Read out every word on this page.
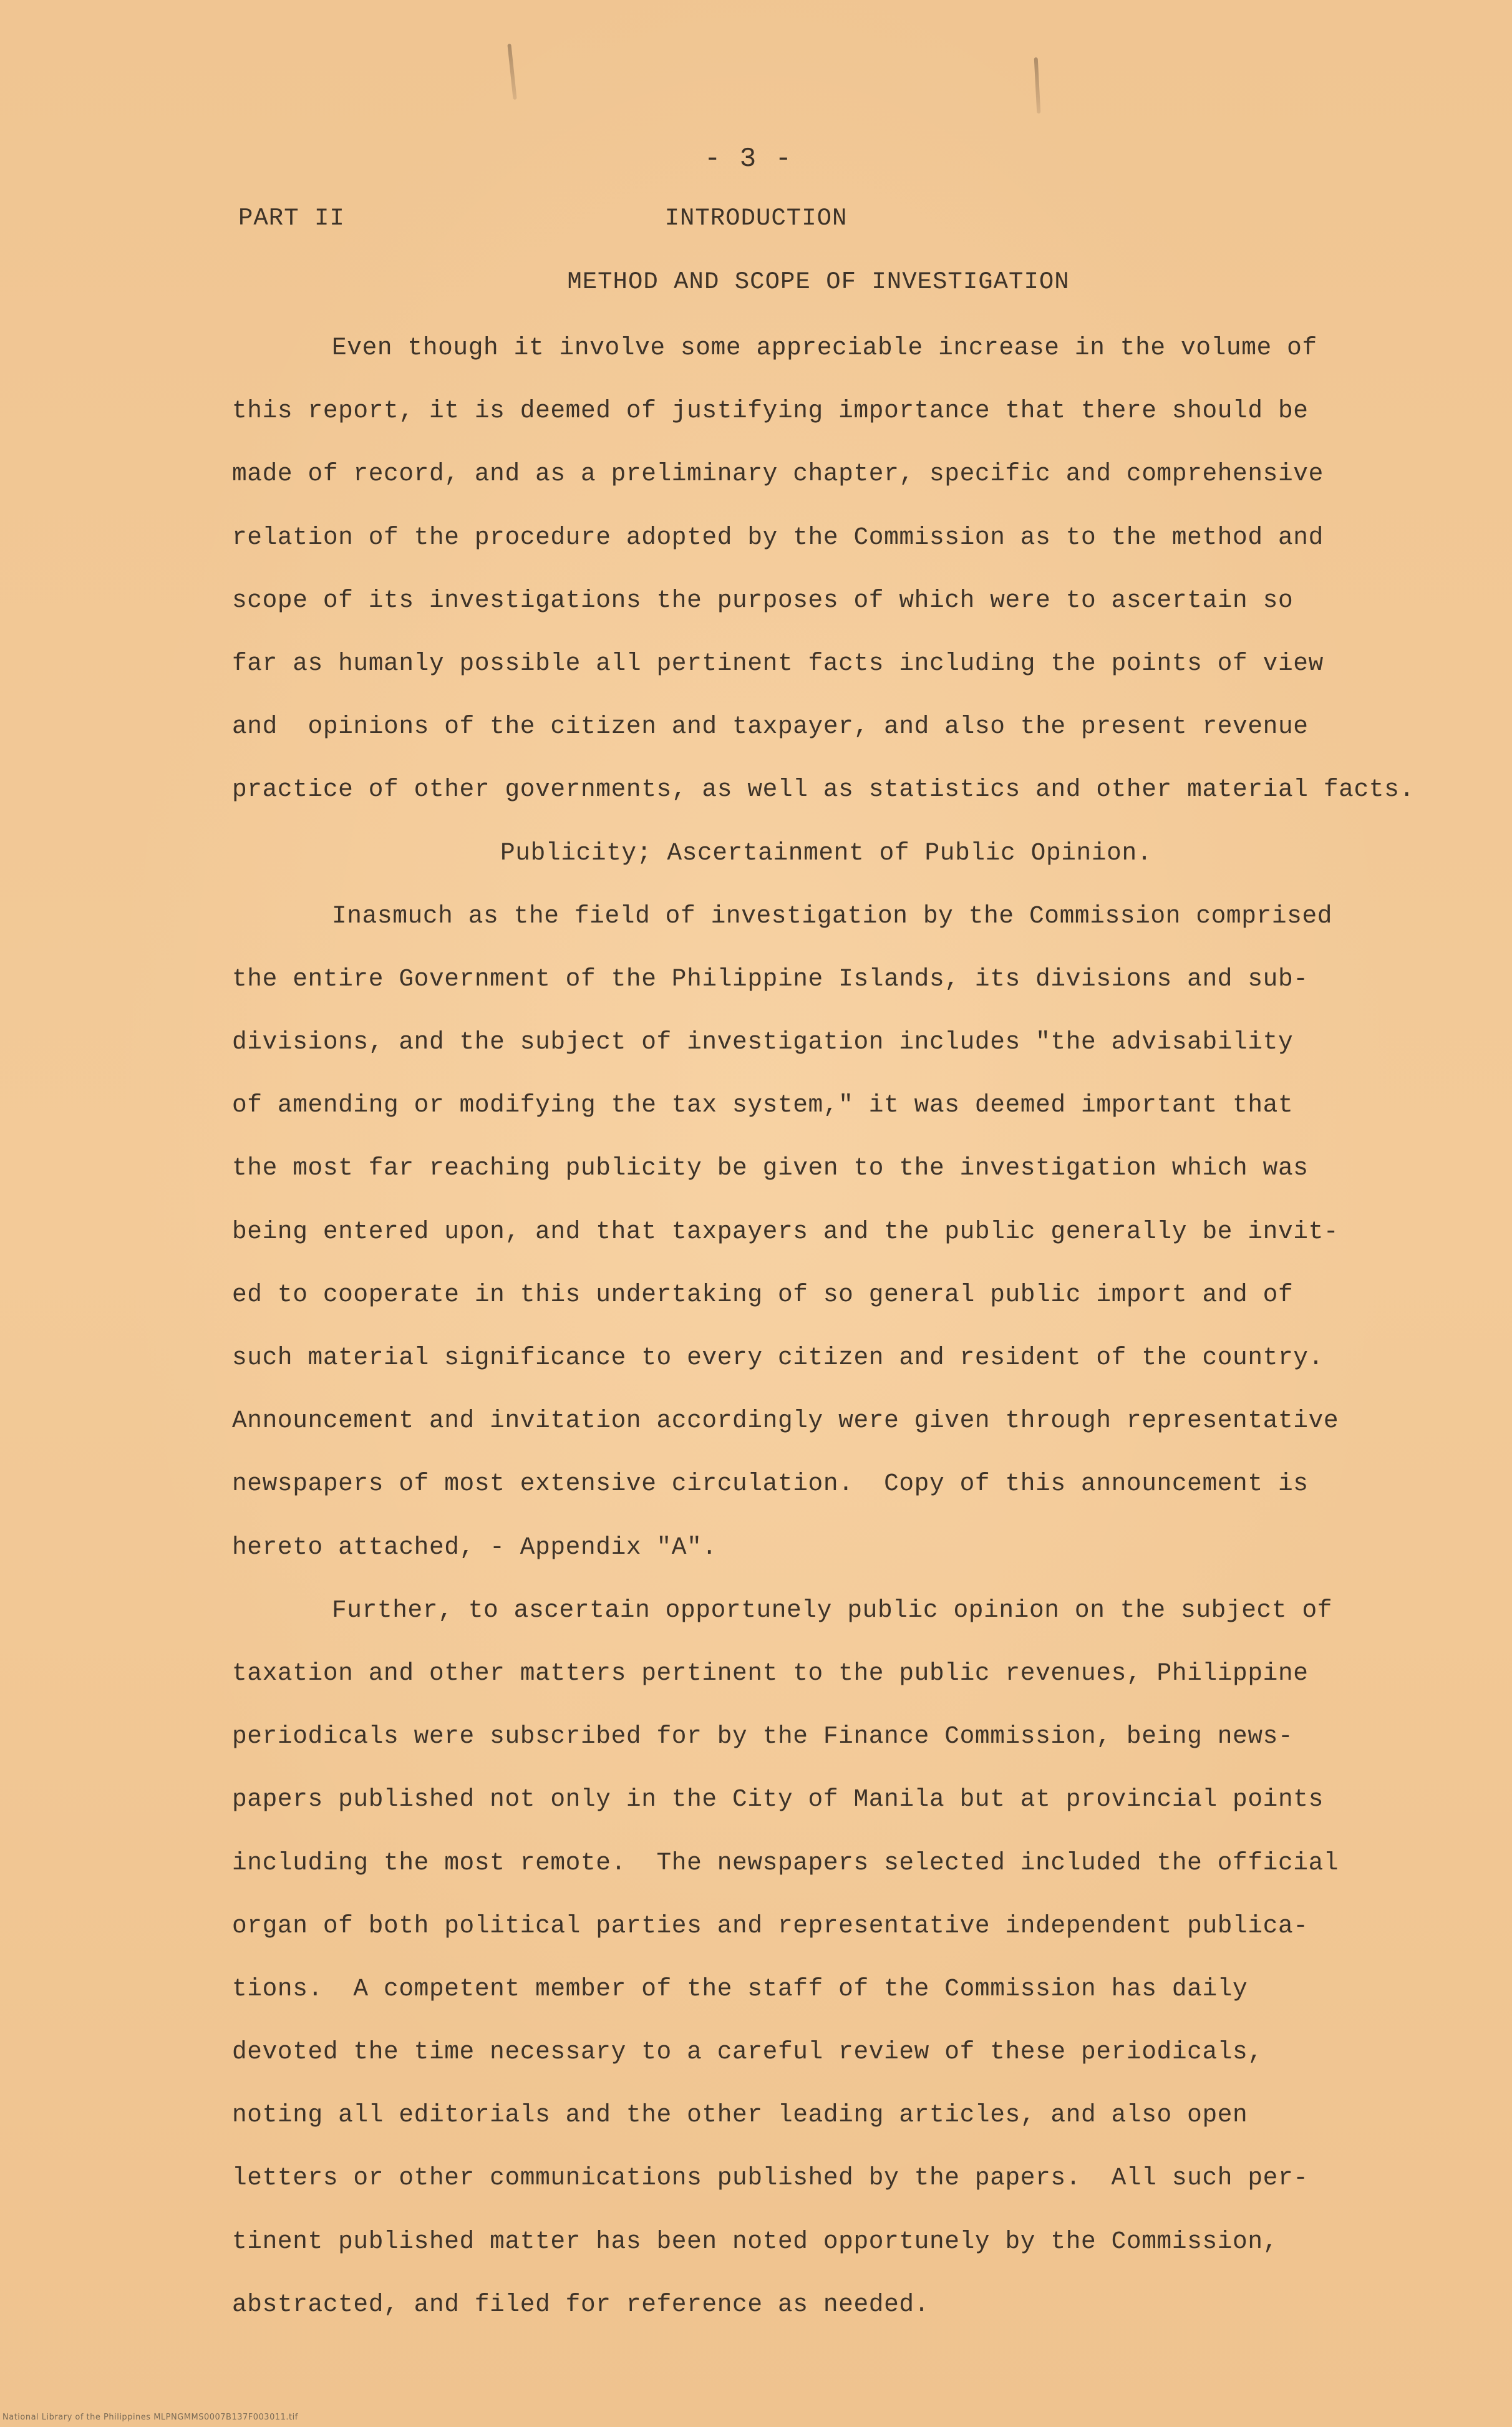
- 3 -
PART II	INTRODUCTION
METHOD AND SCOPE OF INVESTIGATION
Even though it involve some appreciable increase in the volume of
this report, it is deemed of justifying importance that there should be
made of record, and as a preliminary chapter, specific and comprehensive
relation of the procedure adopted by the Commission as to the method and
scope of its investigations the purposes of which were to ascertain so
far as humanly possible all pertinent facts including the points of view
and  opinions of the citizen and taxpayer, and also the present revenue
practice of other governments, as well as statistics and other material facts.
Publicity; Ascertainment of Public Opinion.
Inasmuch as the field of investigation by the Commission comprised
the entire Government of the Philippine Islands, its divisions and sub-
divisions, and the subject of investigation includes "the advisability
of amending or modifying the tax system," it was deemed important that
the most far reaching publicity be given to the investigation which was
being entered upon, and that taxpayers and the public generally be invit-
ed to cooperate in this undertaking of so general public import and of
such material significance to every citizen and resident of the country.
Announcement and invitation accordingly were given through representative
newspapers of most extensive circulation.  Copy of this announcement is
hereto attached, - Appendix "A".
Further, to ascertain opportunely public opinion on the subject of
taxation and other matters pertinent to the public revenues, Philippine
periodicals were subscribed for by the Finance Commission, being news-
papers published not only in the City of Manila but at provincial points
including the most remote.  The newspapers selected included the official
organ of both political parties and representative independent publica-
tions.  A competent member of the staff of the Commission has daily
devoted the time necessary to a careful review of these periodicals,
noting all editorials and the other leading articles, and also open
letters or other communications published by the papers.  All such per-
tinent published matter has been noted opportunely by the Commission,
abstracted, and filed for reference as needed.
National Library of the Philippines MLPNGMMS0007B137F003011.tif
